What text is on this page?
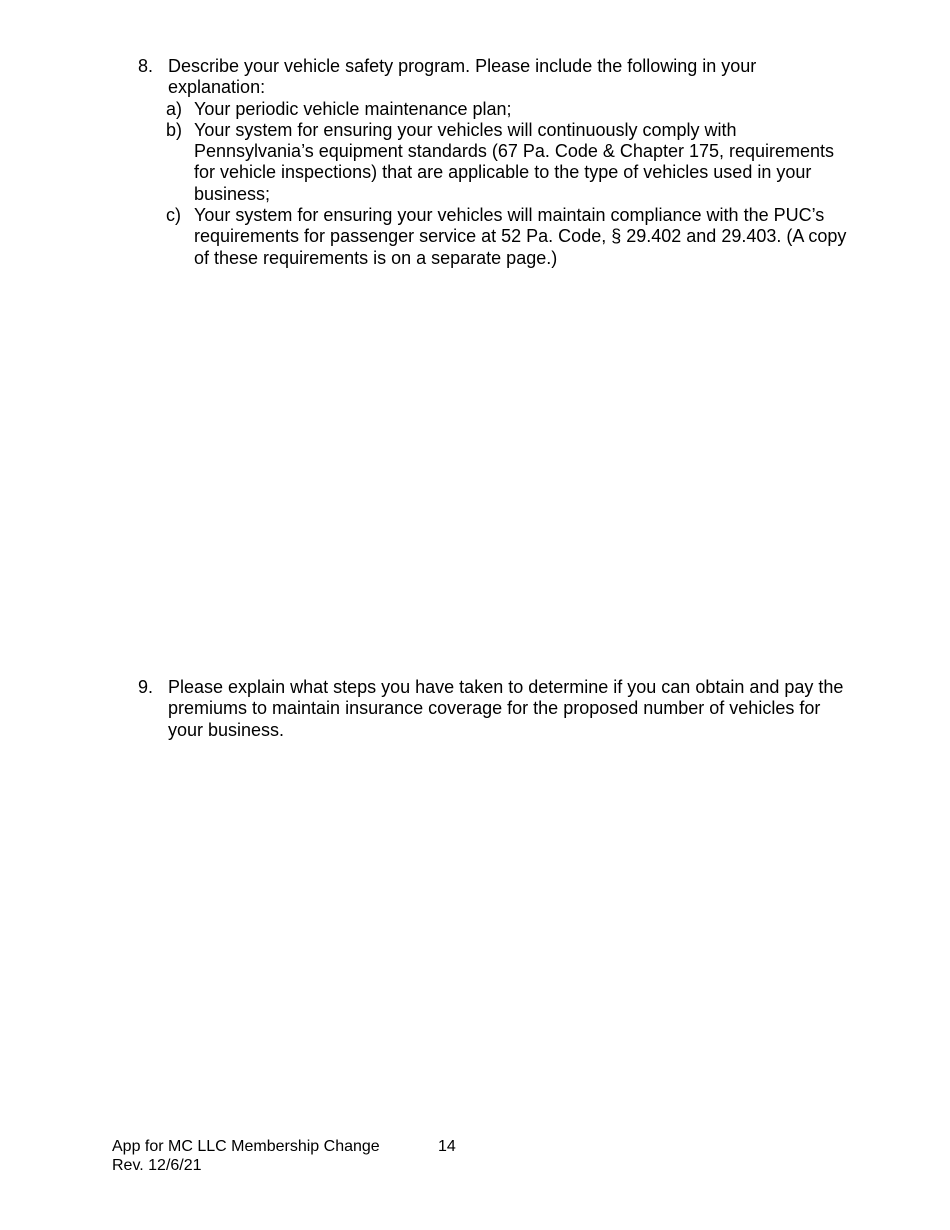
8. Describe your vehicle safety program. Please include the following in your explanation:
a) Your periodic vehicle maintenance plan;
b) Your system for ensuring your vehicles will continuously comply with Pennsylvania’s equipment standards (67 Pa. Code & Chapter 175, requirements for vehicle inspections) that are applicable to the type of vehicles used in your business;
c) Your system for ensuring your vehicles will maintain compliance with the PUC’s requirements for passenger service at 52 Pa. Code, § 29.402 and 29.403. (A copy of these requirements is on a separate page.)
9. Please explain what steps you have taken to determine if you can obtain and pay the premiums to maintain insurance coverage for the proposed number of vehicles for your business.
App for MC LLC Membership Change
Rev. 12/6/21
14
